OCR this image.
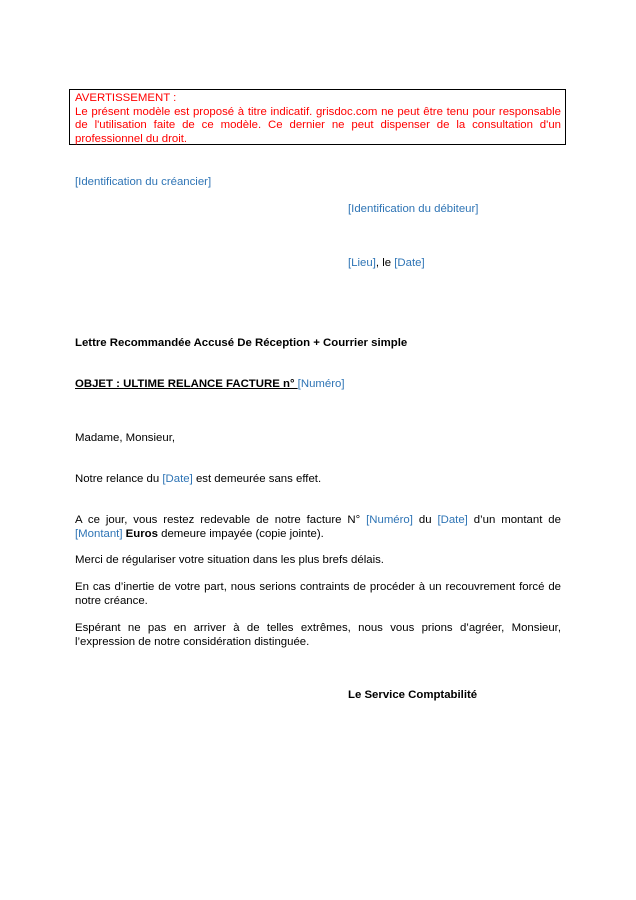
AVERTISSEMENT :
Le présent modèle est proposé à titre indicatif. grisdoc.com ne peut être tenu pour responsable de l'utilisation faite de ce modèle. Ce dernier ne peut dispenser de la consultation d'un professionnel du droit.
[Identification du créancier]
[Identification du débiteur]
[Lieu], le [Date]
Lettre Recommandée Accusé De Réception + Courrier simple
OBJET : ULTIME RELANCE FACTURE n° [Numéro]
Madame, Monsieur,
Notre relance du [Date] est demeurée sans effet.
A ce jour, vous restez redevable de notre facture N° [Numéro] du [Date] d’un montant de [Montant] Euros demeure impayée (copie jointe).
Merci de régulariser votre situation dans les plus brefs délais.
En cas d’inertie de votre part, nous serions contraints de procéder à un recouvrement forcé de notre créance.
Espérant ne pas en arriver à de telles extrêmes, nous vous prions d’agréer, Monsieur, l’expression de notre considération distinguée.
Le Service Comptabilité
